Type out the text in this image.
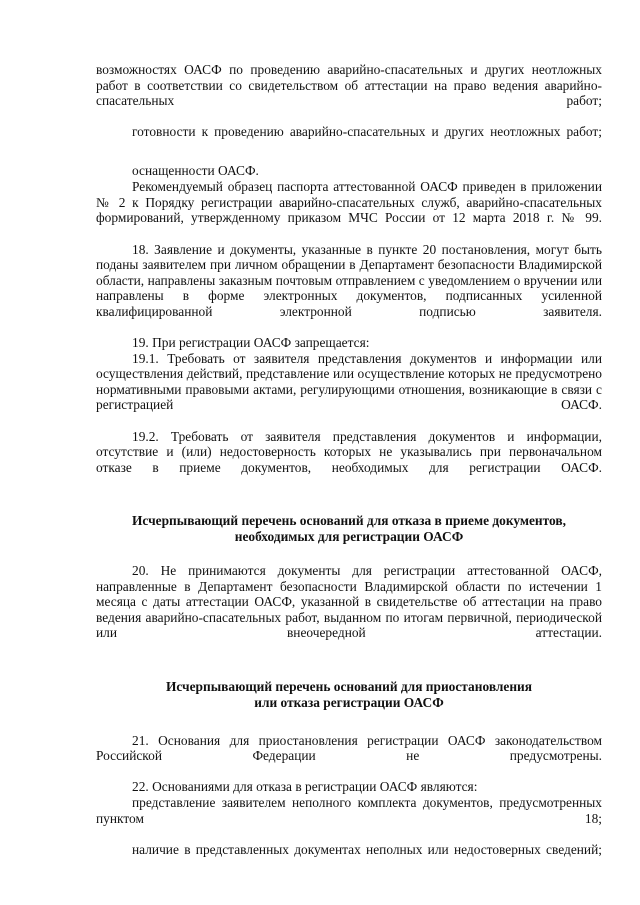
возможностях ОАСФ по проведению аварийно-спасательных и других неотложных работ в соответствии со свидетельством об аттестации на право ведения аварийно-спасательных работ;

готовности к проведению аварийно-спасательных и других неотложных работ;

оснащенности ОАСФ.

Рекомендуемый образец паспорта аттестованной ОАСФ приведен в приложении № 2 к Порядку регистрации аварийно-спасательных служб, аварийно-спасательных формирований, утвержденному приказом МЧС России от 12 марта 2018 г. № 99.

18. Заявление и документы, указанные в пункте 20 постановления, могут быть поданы заявителем при личном обращении в Департамент безопасности Владимирской области, направлены заказным почтовым отправлением с уведомлением о вручении или направлены в форме электронных документов, подписанных усиленной квалифицированной электронной подписью заявителя.

19. При регистрации ОАСФ запрещается:

19.1. Требовать от заявителя представления документов и информации или осуществления действий, представление или осуществление которых не предусмотрено нормативными правовыми актами, регулирующими отношения, возникающие в связи с регистрацией ОАСФ.

19.2. Требовать от заявителя представления документов и информации, отсутствие и (или) недостоверность которых не указывались при первоначальном отказе в приеме документов, необходимых для регистрации ОАСФ.

Исчерпывающий перечень оснований для отказа в приеме документов,

необходимых для регистрации ОАСФ

20. Не принимаются документы для регистрации аттестованной ОАСФ, направленные в Департамент безопасности Владимирской области по истечении 1 месяца с даты аттестации ОАСФ, указанной в свидетельстве об аттестации на право ведения аварийно-спасательных работ, выданном по итогам первичной, периодической или внеочередной аттестации.

Исчерпывающий перечень оснований для приостановления

или отказа регистрации ОАСФ

21. Основания для приостановления регистрации ОАСФ законодательством Российской Федерации не предусмотрены.

22. Основаниями для отказа в регистрации ОАСФ являются:

представление заявителем неполного комплекта документов, предусмотренных пунктом 18;

наличие в представленных документах неполных или недостоверных сведений;
